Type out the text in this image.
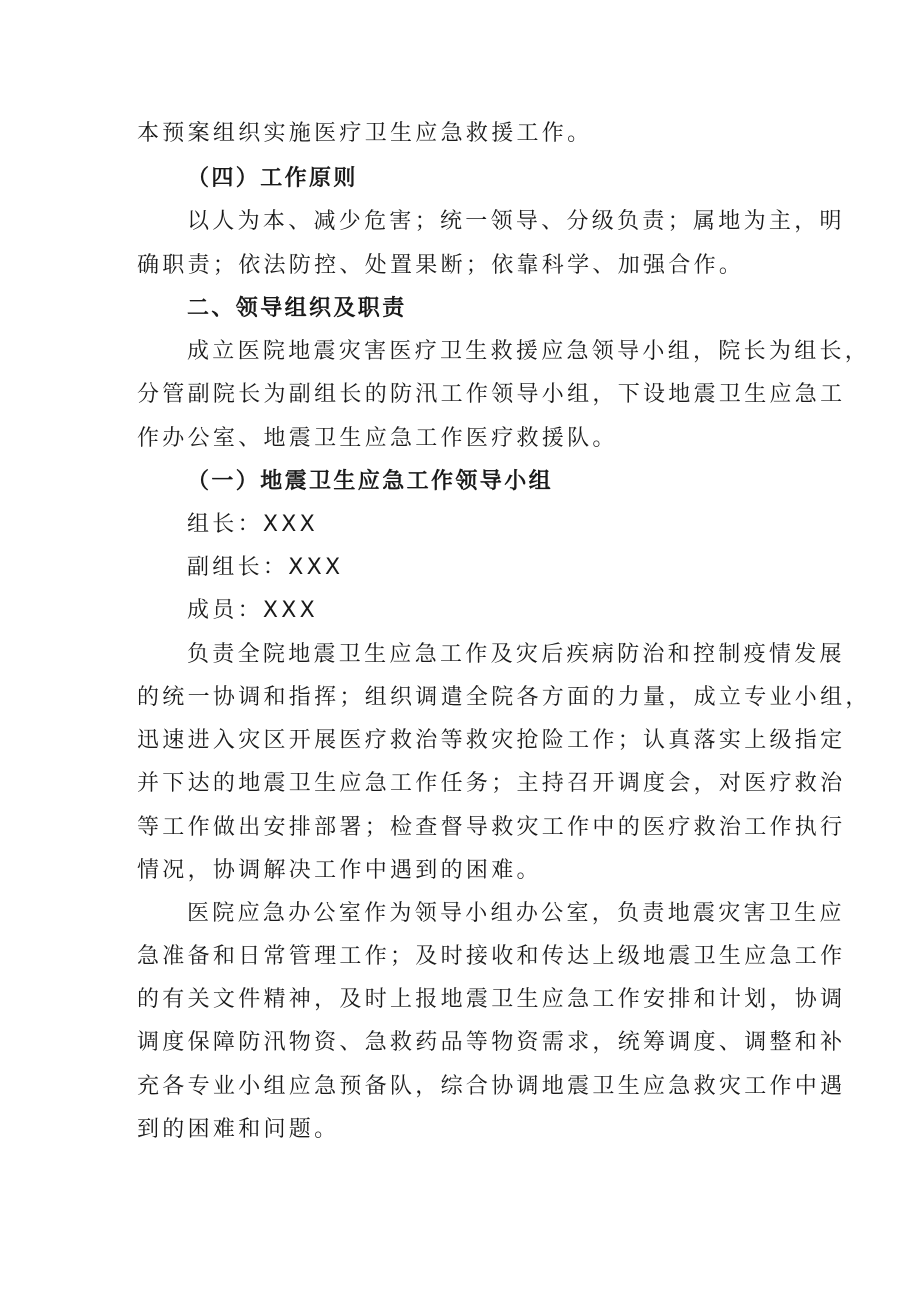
本预案组织实施医疗卫生应急救援工作。
（四）工作原则
以人为本、减少危害；统一领导、分级负责；属地为主，明
确职责；依法防控、处置果断；依靠科学、加强合作。
二、领导组织及职责
成立医院地震灾害医疗卫生救援应急领导小组，院长为组长，
分管副院长为副组长的防汛工作领导小组，下设地震卫生应急工
作办公室、地震卫生应急工作医疗救援队。
（一）地震卫生应急工作领导小组
组长：XXX
副组长：XXX
成员：XXX
负责全院地震卫生应急工作及灾后疾病防治和控制疫情发展
的统一协调和指挥；组织调遣全院各方面的力量，成立专业小组，
迅速进入灾区开展医疗救治等救灾抢险工作；认真落实上级指定
并下达的地震卫生应急工作任务；主持召开调度会，对医疗救治
等工作做出安排部署；检查督导救灾工作中的医疗救治工作执行
情况，协调解决工作中遇到的困难。
医院应急办公室作为领导小组办公室，负责地震灾害卫生应
急准备和日常管理工作；及时接收和传达上级地震卫生应急工作
的有关文件精神，及时上报地震卫生应急工作安排和计划，协调
调度保障防汛物资、急救药品等物资需求，统筹调度、调整和补
充各专业小组应急预备队，综合协调地震卫生应急救灾工作中遇
到的困难和问题。
